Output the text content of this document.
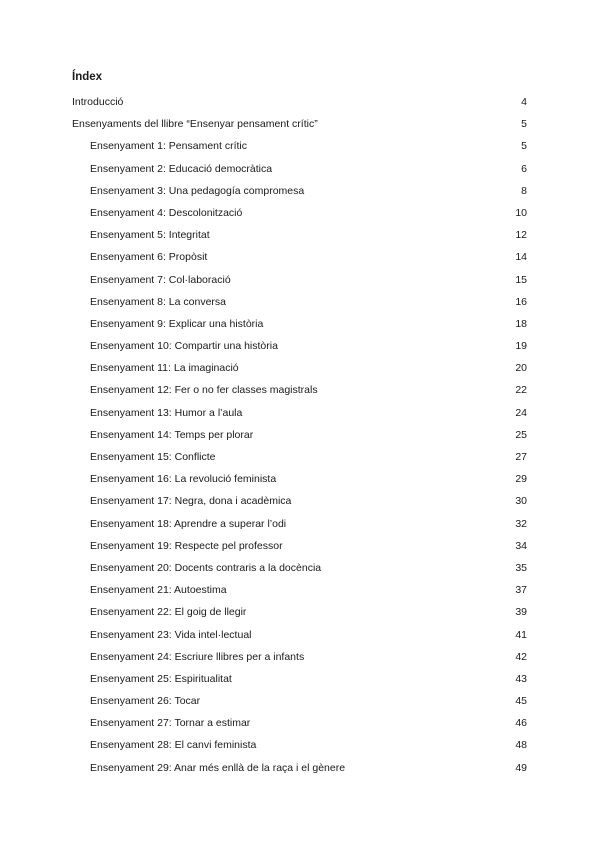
Índex
Introducció	4
Ensenyaments del llibre “Ensenyar pensament crític”	5
Ensenyament 1: Pensament crític	5
Ensenyament 2: Educació democràtica	6
Ensenyament 3: Una pedagogía compromesa	8
Ensenyament 4: Descolonització	10
Ensenyament 5: Integritat	12
Ensenyament 6: Propòsit	14
Ensenyament 7: Col·laboració	15
Ensenyament 8: La conversa	16
Ensenyament 9: Explicar una història	18
Ensenyament 10: Compartir una història	19
Ensenyament 11: La imaginació	20
Ensenyament 12: Fer o no fer classes magistrals	22
Ensenyament 13: Humor a l’aula	24
Ensenyament 14: Temps per plorar	25
Ensenyament 15: Conflicte	27
Ensenyament 16: La revolució feminista	29
Ensenyament 17: Negra, dona i acadèmica	30
Ensenyament 18: Aprendre a superar l’odi	32
Ensenyament 19: Respecte pel professor	34
Ensenyament 20: Docents contraris a la docència	35
Ensenyament 21: Autoestima	37
Ensenyament 22: El goig de llegir	39
Ensenyament 23: Vida intel·lectual	41
Ensenyament 24: Escriure llibres per a infants	42
Ensenyament 25: Espiritualitat	43
Ensenyament 26: Tocar	45
Ensenyament 27: Tornar a estimar	46
Ensenyament 28: El canvi feminista	48
Ensenyament 29: Anar més enllà de la raça i el gènere	49
